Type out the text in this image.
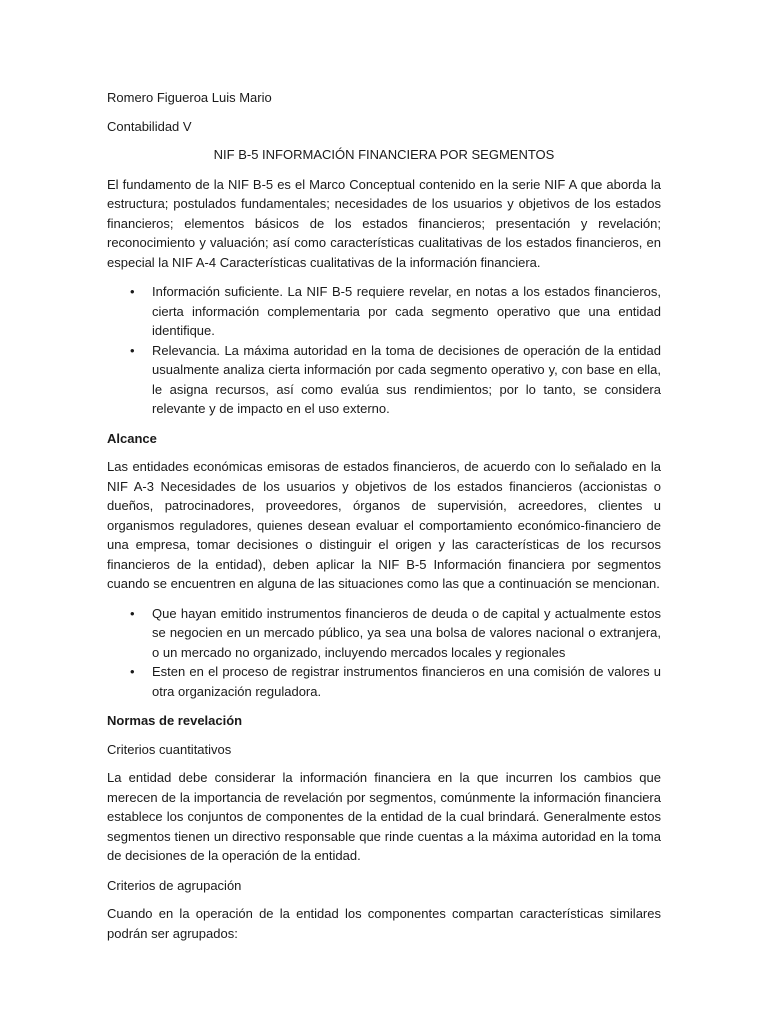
Romero Figueroa Luis Mario

Contabilidad V

NIF B-5 INFORMACIÓN FINANCIERA POR SEGMENTOS

El fundamento de la NIF B-5 es el Marco Conceptual contenido en la serie NIF A que aborda la estructura; postulados fundamentales; necesidades de los usuarios y objetivos de los estados financieros; elementos básicos de los estados financieros; presentación y revelación; reconocimiento y valuación; así como características cualitativas de los estados financieros, en especial la NIF A-4 Características cualitativas de la información financiera.

• Información suficiente. La NIF B-5 requiere revelar, en notas a los estados financieros, cierta información complementaria por cada segmento operativo que una entidad identifique.
• Relevancia. La máxima autoridad en la toma de decisiones de operación de la entidad usualmente analiza cierta información por cada segmento operativo y, con base en ella, le asigna recursos, así como evalúa sus rendimientos; por lo tanto, se considera relevante y de impacto en el uso externo.

Alcance

Las entidades económicas emisoras de estados financieros, de acuerdo con lo señalado en la NIF A-3 Necesidades de los usuarios y objetivos de los estados financieros (accionistas o dueños, patrocinadores, proveedores, órganos de supervisión, acreedores, clientes u organismos reguladores, quienes desean evaluar el comportamiento económico-financiero de una empresa, tomar decisiones o distinguir el origen y las características de los recursos financieros de la entidad), deben aplicar la NIF B-5 Información financiera por segmentos cuando se encuentren en alguna de las situaciones como las que a continuación se mencionan.

• Que hayan emitido instrumentos financieros de deuda o de capital y actualmente estos se negocien en un mercado público, ya sea una bolsa de valores nacional o extranjera, o un mercado no organizado, incluyendo mercados locales y regionales
• Esten en el proceso de registrar instrumentos financieros en una comisión de valores u otra organización reguladora.

Normas de revelación

Criterios cuantitativos

La entidad debe considerar la información financiera en la que incurren los cambios que merecen de la importancia de revelación por segmentos, comúnmente la información financiera establece los conjuntos de componentes de la entidad de la cual brindará. Generalmente estos segmentos tienen un directivo responsable que rinde cuentas a la máxima autoridad en la toma de decisiones de la operación de la entidad.

Criterios de agrupación

Cuando en la operación de la entidad los componentes compartan características similares podrán ser agrupados:
